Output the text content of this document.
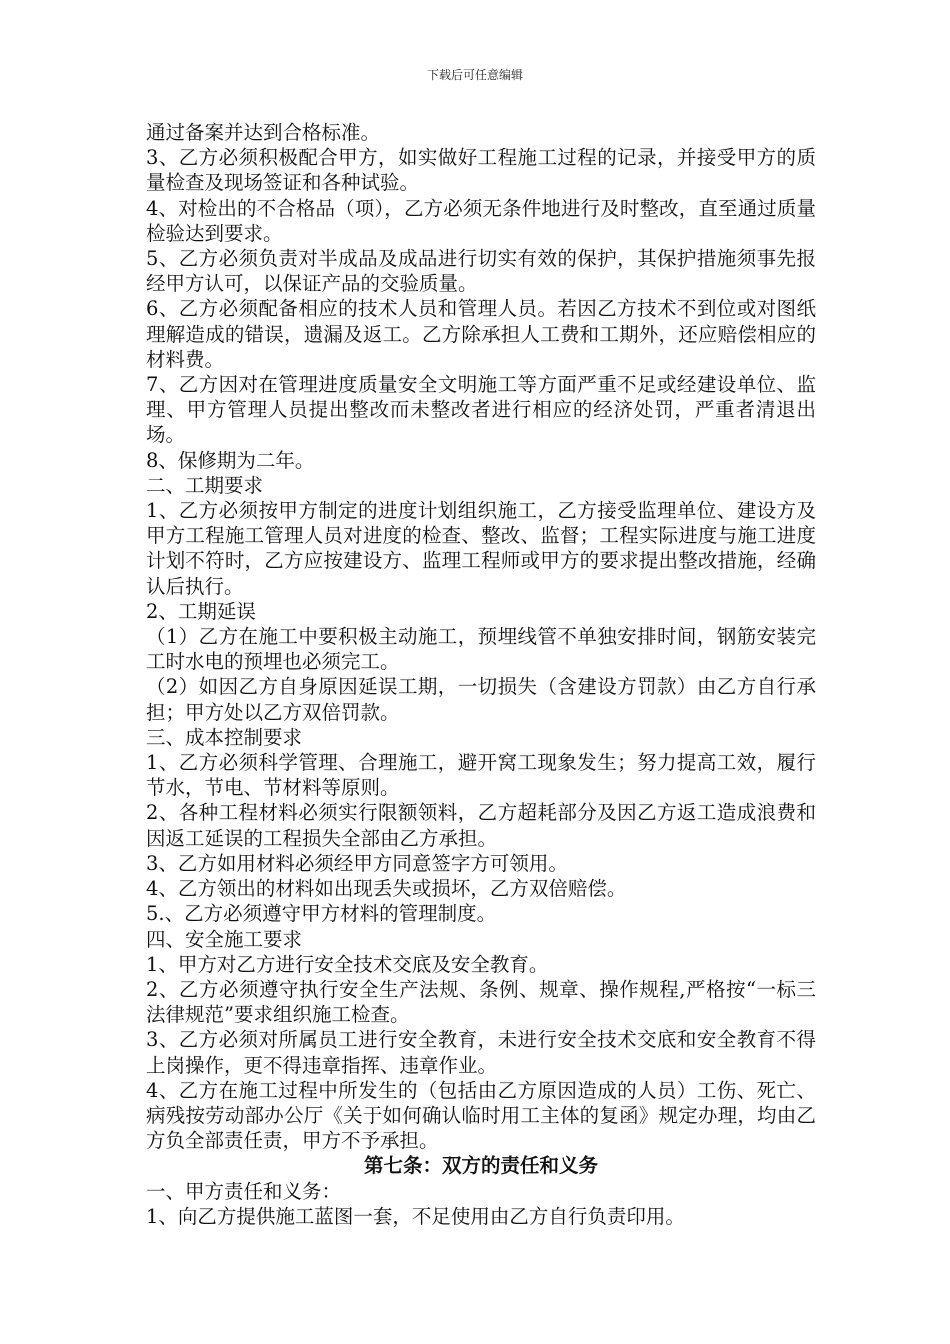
下载后可任意编辑

通过备案并达到合格标准。

3、乙方必须积极配合甲方，如实做好工程施工过程的记录，并接受甲方的质量检查及现场签证和各种试验。

4、对检出的不合格品（项），乙方必须无条件地进行及时整改，直至通过质量检验达到要求。

5、乙方必须负责对半成品及成品进行切实有效的保护，其保护措施须事先报经甲方认可，以保证产品的交验质量。

6、乙方必须配备相应的技术人员和管理人员。若因乙方技术不到位或对图纸理解造成的错误，遗漏及返工。乙方除承担人工费和工期外，还应赔偿相应的材料费。

7、乙方因对在管理进度质量安全文明施工等方面严重不足或经建设单位、监理、甲方管理人员提出整改而未整改者进行相应的经济处罚，严重者清退出场。

8、保修期为二年。

二、工期要求

1、乙方必须按甲方制定的进度计划组织施工，乙方接受监理单位、建设方及甲方工程施工管理人员对进度的检查、整改、监督；工程实际进度与施工进度计划不符时，乙方应按建设方、监理工程师或甲方的要求提出整改措施，经确认后执行。

2、工期延误

（1）乙方在施工中要积极主动施工，预埋线管不单独安排时间，钢筋安装完工时水电的预埋也必须完工。

（2）如因乙方自身原因延误工期，一切损失（含建设方罚款）由乙方自行承担；甲方处以乙方双倍罚款。

三、成本控制要求

1、乙方必须科学管理、合理施工，避开窝工现象发生；努力提高工效，履行节水，节电、节材料等原则。

2、各种工程材料必须实行限额领料，乙方超耗部分及因乙方返工造成浪费和因返工延误的工程损失全部由乙方承担。

3、乙方如用材料必须经甲方同意签字方可领用。

4、乙方领出的材料如出现丢失或损坏，乙方双倍赔偿。

5.、乙方必须遵守甲方材料的管理制度。

四、安全施工要求

1、甲方对乙方进行安全技术交底及安全教育。

2、乙方必须遵守执行安全生产法规、条例、规章、操作规程,严格按“一标三法律规范”要求组织施工检查。

3、乙方必须对所属员工进行安全教育，未进行安全技术交底和安全教育不得上岗操作，更不得违章指挥、违章作业。

4、乙方在施工过程中所发生的（包括由乙方原因造成的人员）工伤、死亡、病残按劳动部办公厅《关于如何确认临时用工主体的复函》规定办理，均由乙方负全部责任责，甲方不予承担。

第七条：双方的责任和义务

一、甲方责任和义务：

1、向乙方提供施工蓝图一套，不足使用由乙方自行负责印用。
